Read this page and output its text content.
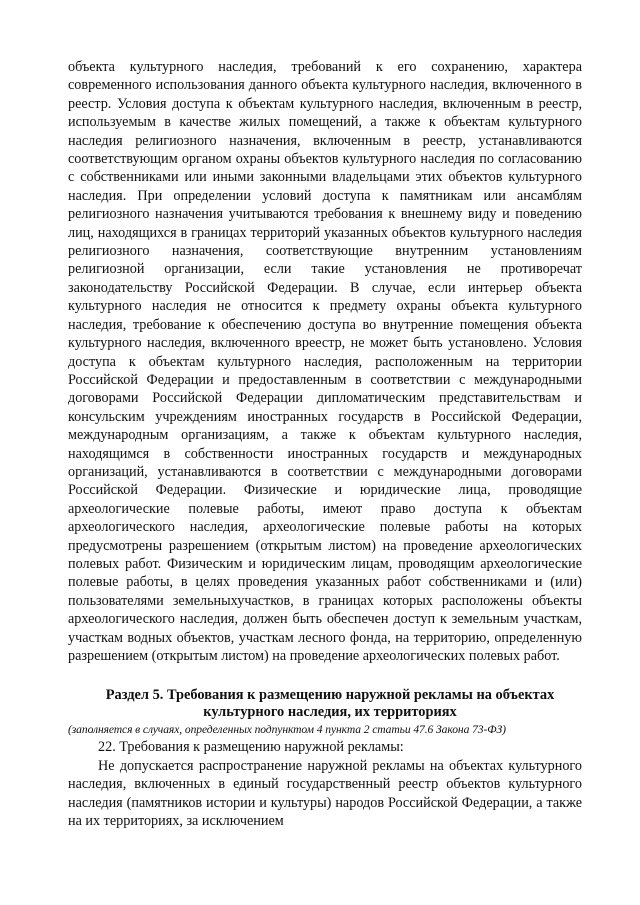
объекта культурного наследия, требований к его сохранению, характера современного использования данного объекта культурного наследия, включенного в реестр. Условия доступа к объектам культурного наследия, включенным в реестр, используемым в качестве жилых помещений, а также к объектам культурного наследия религиозного назначения, включенным в реестр, устанавливаются соответствующим органом охраны объектов культурного наследия по согласованию с собственниками или иными законными владельцами этих объектов культурного наследия. При определении условий доступа к памятникам или ансамблям религиозного назначения учитываются требования к внешнему виду и поведению лиц, находящихся в границах территорий указанных объектов культурного наследия религиозного назначения, соответствующие внутренним установлениям религиозной организации, если такие установления не противоречат законодательству Российской Федерации. В случае, если интерьер объекта культурного наследия не относится к предмету охраны объекта культурного наследия, требование к обеспечению доступа во внутренние помещения объекта культурного наследия, включенного вреестр, не может быть установлено. Условия доступа к объектам культурного наследия, расположенным на территории Российской Федерации и предоставленным в соответствии с международными договорами Российской Федерации дипломатическим представительствам и консульским учреждениям иностранных государств в Российской Федерации, международным организациям, а также к объектам культурного наследия, находящимся в собственности иностранных государств и международных организаций, устанавливаются в соответствии с международными договорами Российской Федерации. Физические и юридические лица, проводящие археологические полевые работы, имеют право доступа к объектам археологического наследия, археологические полевые работы на которых предусмотрены разрешением (открытым листом) на проведение археологических полевых работ. Физическим и юридическим лицам, проводящим археологические полевые работы, в целях проведения указанных работ собственниками и (или) пользователями земельныхучастков, в границах которых расположены объекты археологического наследия, должен быть обеспечен доступ к земельным участкам, участкам водных объектов, участкам лесного фонда, на территорию, определенную разрешением (открытым листом) на проведение археологических полевых работ.

Раздел 5. Требования к размещению наружной рекламы на объектах
культурного наследия, их территориях

(заполняется в случаях, определенных подпунктом 4 пункта 2 статьи 47.6 Закона 73-ФЗ)

22. Требования к размещению наружной рекламы:

Не допускается распространение наружной рекламы на объектах культурного наследия, включенных в единый государственный реестр объектов культурного наследия (памятников истории и культуры) народов Российской Федерации, а также на их территориях, за исключением
